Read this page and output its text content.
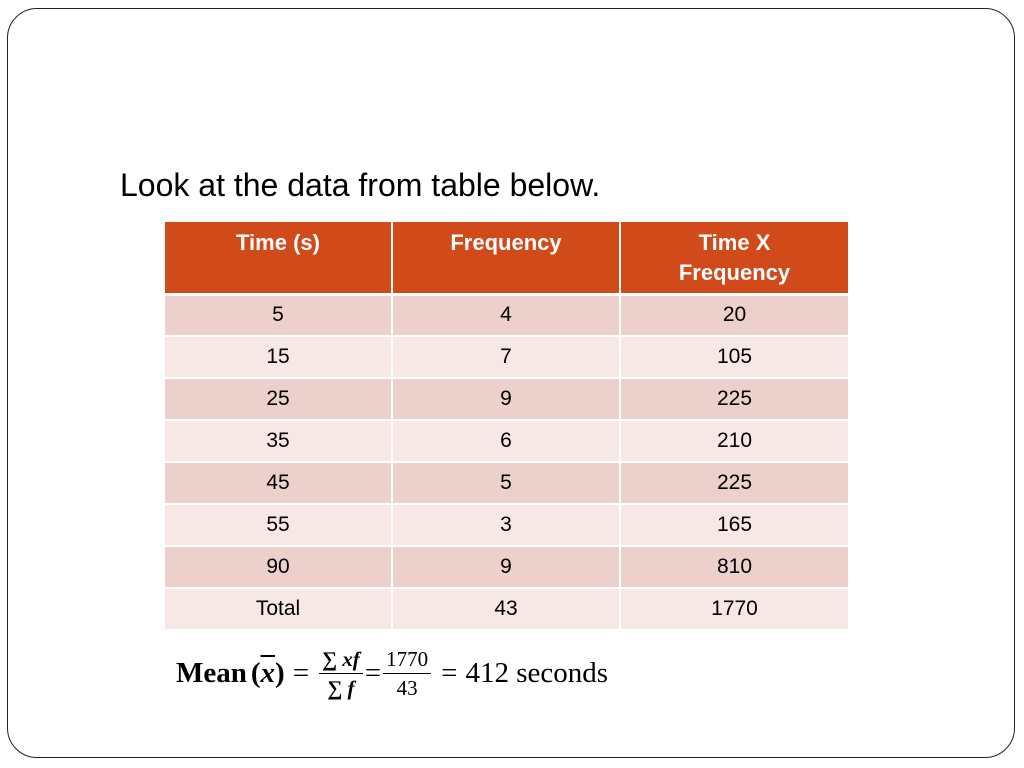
Look at the data from table below.
Time (s)	Frequency	Time X Frequency
5	4	20
15	7	105
25	9	225
35	6	210
45	5	225
55	3	165
90	9	810
Total	43	1770
Mean ( $\overline{x}$ ) = $\frac{\sum xf}{\sum f} = \frac{1770}{43} = 412$ seconds
